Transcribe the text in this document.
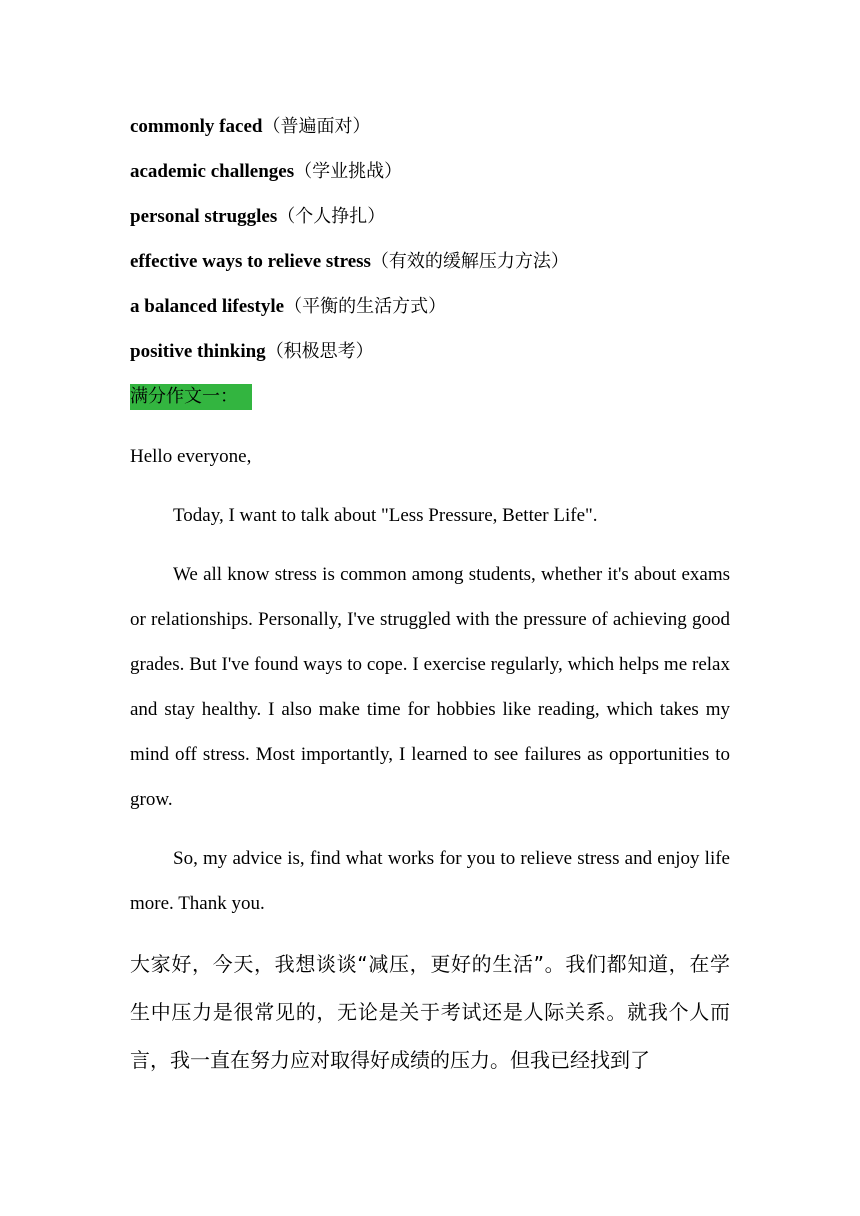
commonly faced（普遍面对）
academic challenges（学业挑战）
personal struggles（个人挣扎）
effective ways to relieve stress（有效的缓解压力方法）
a balanced lifestyle（平衡的生活方式）
positive thinking（积极思考）
满分作文一：

Hello everyone,

Today, I want to talk about "Less Pressure, Better Life".

We all know stress is common among students, whether it's about exams or relationships. Personally, I've struggled with the pressure of achieving good grades. But I've found ways to cope. I exercise regularly, which helps me relax and stay healthy. I also make time for hobbies like reading, which takes my mind off stress. Most importantly, I learned to see failures as opportunities to grow.

So, my advice is, find what works for you to relieve stress and enjoy life more. Thank you.

大家好，今天，我想谈谈“减压，更好的生活”。我们都知道，在学生中压力是很常见的，无论是关于考试还是人际关系。就我个人而言，我一直在努力应对取得好成绩的压力。但我已经找到了
